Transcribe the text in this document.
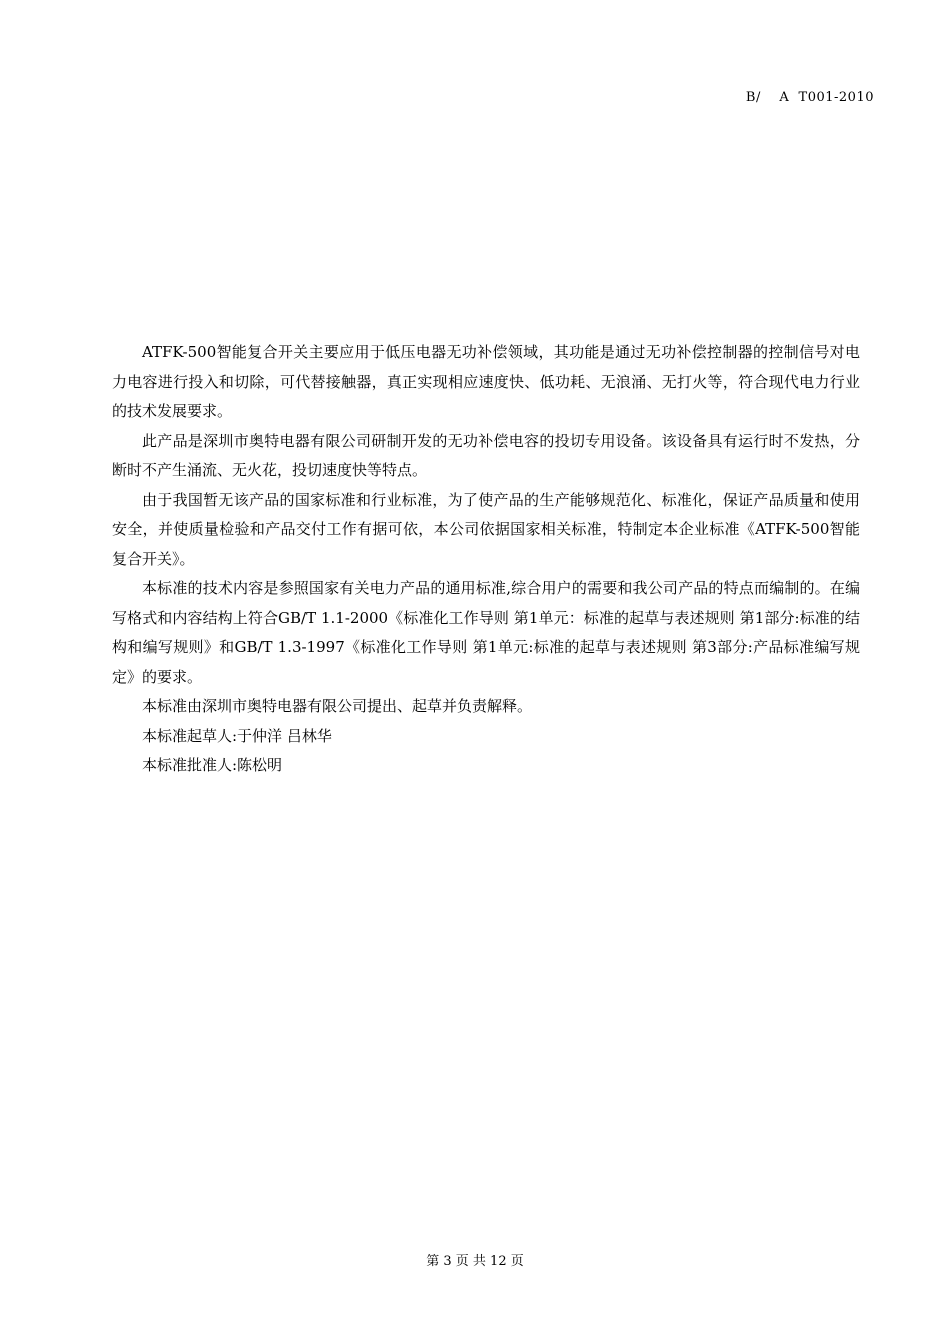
B/    A  T001-2010

ATFK-500智能复合开关主要应用于低压电器无功补偿领域，其功能是通过无功补偿控制器的控制信号对电力电容进行投入和切除，可代替接触器，真正实现相应速度快、低功耗、无浪涌、无打火等，符合现代电力行业的技术发展要求。

此产品是深圳市奥特电器有限公司研制开发的无功补偿电容的投切专用设备。该设备具有运行时不发热，分断时不产生涌流、无火花，投切速度快等特点。

由于我国暂无该产品的国家标准和行业标准，为了使产品的生产能够规范化、标准化，保证产品质量和使用安全，并使质量检验和产品交付工作有据可依，本公司依据国家相关标准，特制定本企业标准《ATFK-500智能复合开关》。

本标准的技术内容是参照国家有关电力产品的通用标准,综合用户的需要和我公司产品的特点而编制的。在编写格式和内容结构上符合GB/T 1.1-2000《标准化工作导则 第1单元：标准的起草与表述规则 第1部分:标准的结构和编写规则》和GB/T 1.3-1997《标准化工作导则 第1单元:标准的起草与表述规则 第3部分:产品标准编写规定》的要求。

本标准由深圳市奥特电器有限公司提出、起草并负责解释。

本标准起草人:于仲洋 吕林华

本标准批准人:陈松明

第 3 页 共 12 页
